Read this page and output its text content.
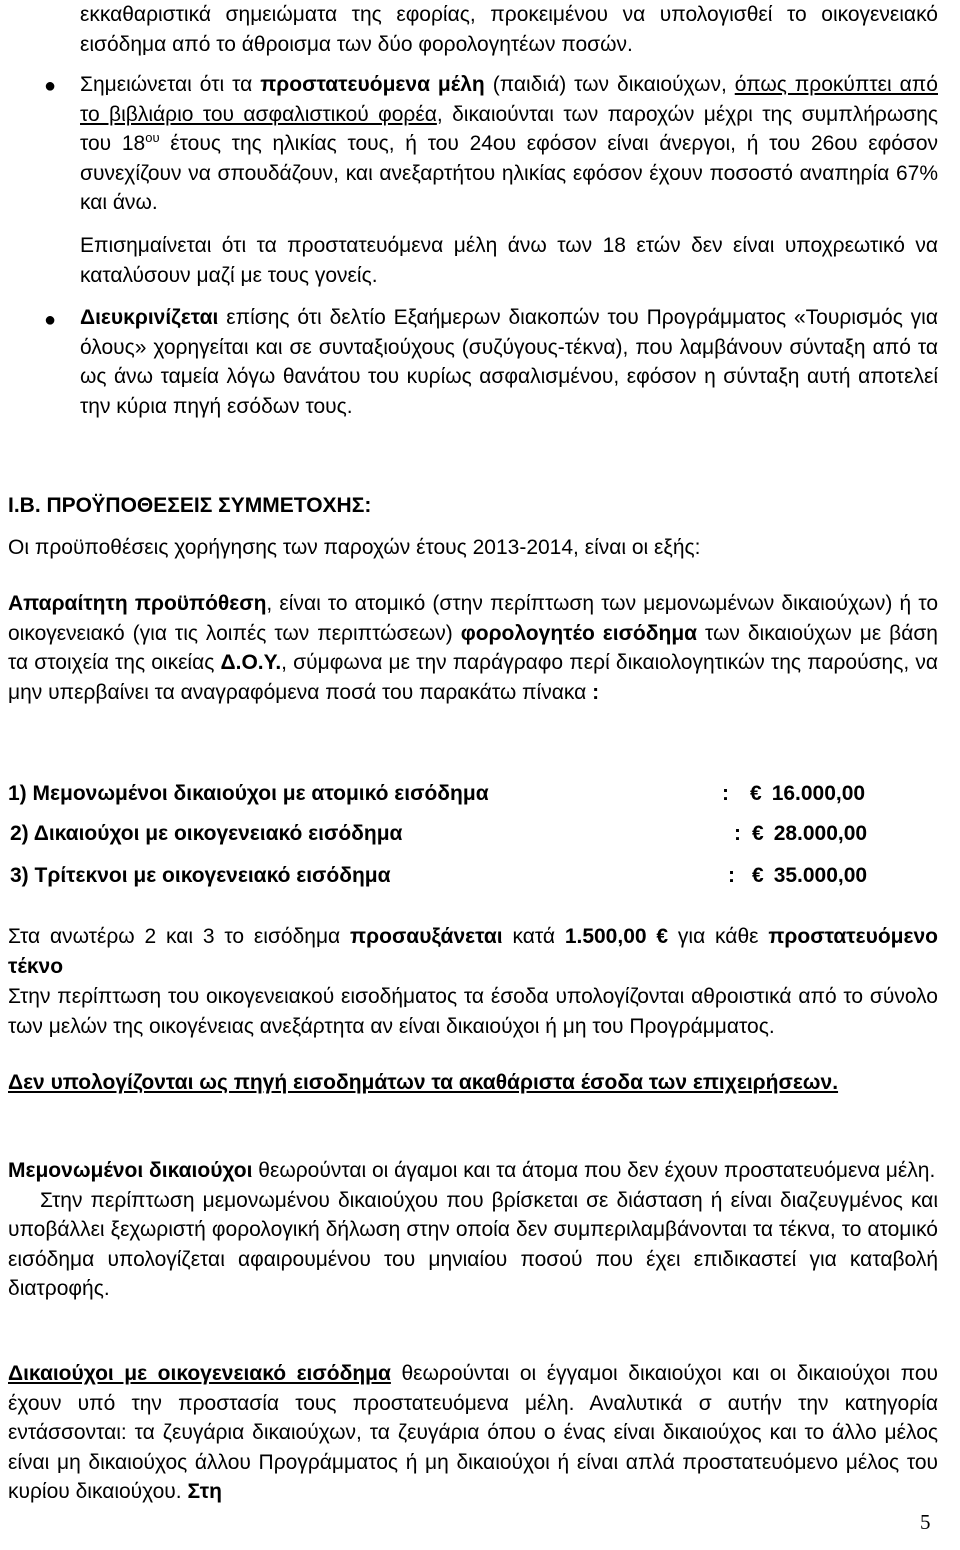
εκκαθαριστικά σημειώματα της εφορίας, προκειμένου να υπολογισθεί το οικογενειακό εισόδημα από το άθροισμα των δύο φορολογητέων ποσών.
● Σημειώνεται ότι τα προστατευόμενα μέλη (παιδιά) των δικαιούχων, όπως προκύπτει από το βιβλιάριο του ασφαλιστικού φορέα, δικαιούνται των παροχών μέχρι της συμπλήρωσης του $18^{o\upsilon}$ έτους της ηλικίας τους, ή του 24ου εφόσον είναι άνεργοι, ή του 26ου εφόσον συνεχίζουν να σπουδάζουν, και ανεξαρτήτου ηλικίας εφόσον έχουν ποσοστό αναπηρία 67% και άνω.
Επισημαίνεται ότι τα προστατευόμενα μέλη άνω των 18 ετών δεν είναι υποχρεωτικό να καταλύσουν μαζί με τους γονείς.
● Διευκρινίζεται επίσης ότι δελτίο Εξαήμερων διακοπών του Προγράμματος «Τουρισμός για όλους» χορηγείται και σε συνταξιούχους (συζύγους-τέκνα), που λαμβάνουν σύνταξη από τα ως άνω ταμεία λόγω θανάτου του κυρίως ασφαλισμένου, εφόσον η σύνταξη αυτή αποτελεί την κύρια πηγή εσόδων τους.
Ι.Β. ΠΡΟΫΠΟΘΕΣΕΙΣ ΣΥΜΜΕΤΟΧΗΣ:
Οι προϋποθέσεις χορήγησης των παροχών έτους 2013-2014, είναι οι εξής:
Απαραίτητη προϋπόθεση, είναι το ατομικό (στην περίπτωση των μεμονωμένων δικαιούχων) ή το οικογενειακό (για τις λοιπές των περιπτώσεων) φορολογητέο εισόδημα των δικαιούχων με βάση τα στοιχεία της οικείας Δ.Ο.Υ., σύμφωνα με την παράγραφο περί δικαιολογητικών της παρούσης, να μην υπερβαίνει τα αναγραφόμενα ποσά του παρακάτω πίνακα :
1) Μεμονωμένοι δικαιούχοι με ατομικό εισόδημα	: € 16.000,00
2) Δικαιούχοι με οικογενειακό εισόδημα	: € 28.000,00
3) Τρίτεκνοι με οικογενειακό εισόδημα	: € 35.000,00
Στα ανωτέρω 2 και 3 το εισόδημα προσαυξάνεται κατά 1.500,00 € για κάθε προστατευόμενο τέκνο
Στην περίπτωση του οικογενειακού εισοδήματος τα έσοδα υπολογίζονται αθροιστικά από το σύνολο των μελών της οικογένειας ανεξάρτητα αν είναι δικαιούχοι ή μη του Προγράμματος.
Δεν υπολογίζονται ως πηγή εισοδημάτων τα ακαθάριστα έσοδα των επιχειρήσεων.
Μεμονωμένοι δικαιούχοι θεωρούνται οι άγαμοι και τα άτομα που δεν έχουν προστατευόμενα μέλη.
Στην περίπτωση μεμονωμένου δικαιούχου που βρίσκεται σε διάσταση ή είναι διαζευγμένος και υποβάλλει ξεχωριστή φορολογική δήλωση στην οποία δεν συμπεριλαμβάνονται τα τέκνα, το ατομικό εισόδημα υπολογίζεται αφαιρουμένου του μηνιαίου ποσού που έχει επιδικαστεί για καταβολή διατροφής.
Δικαιούχοι με οικογενειακό εισόδημα θεωρούνται οι έγγαμοι δικαιούχοι και οι δικαιούχοι που έχουν υπό την προστασία τους προστατευόμενα μέλη. Αναλυτικά σ αυτήν την κατηγορία εντάσσονται: τα ζευγάρια δικαιούχων, τα ζευγάρια όπου ο ένας είναι δικαιούχος και το άλλο μέλος είναι μη δικαιούχος άλλου Προγράμματος ή μη δικαιούχοι ή είναι απλά προστατευόμενο μέλος του κυρίου δικαιούχου. Στη
5
